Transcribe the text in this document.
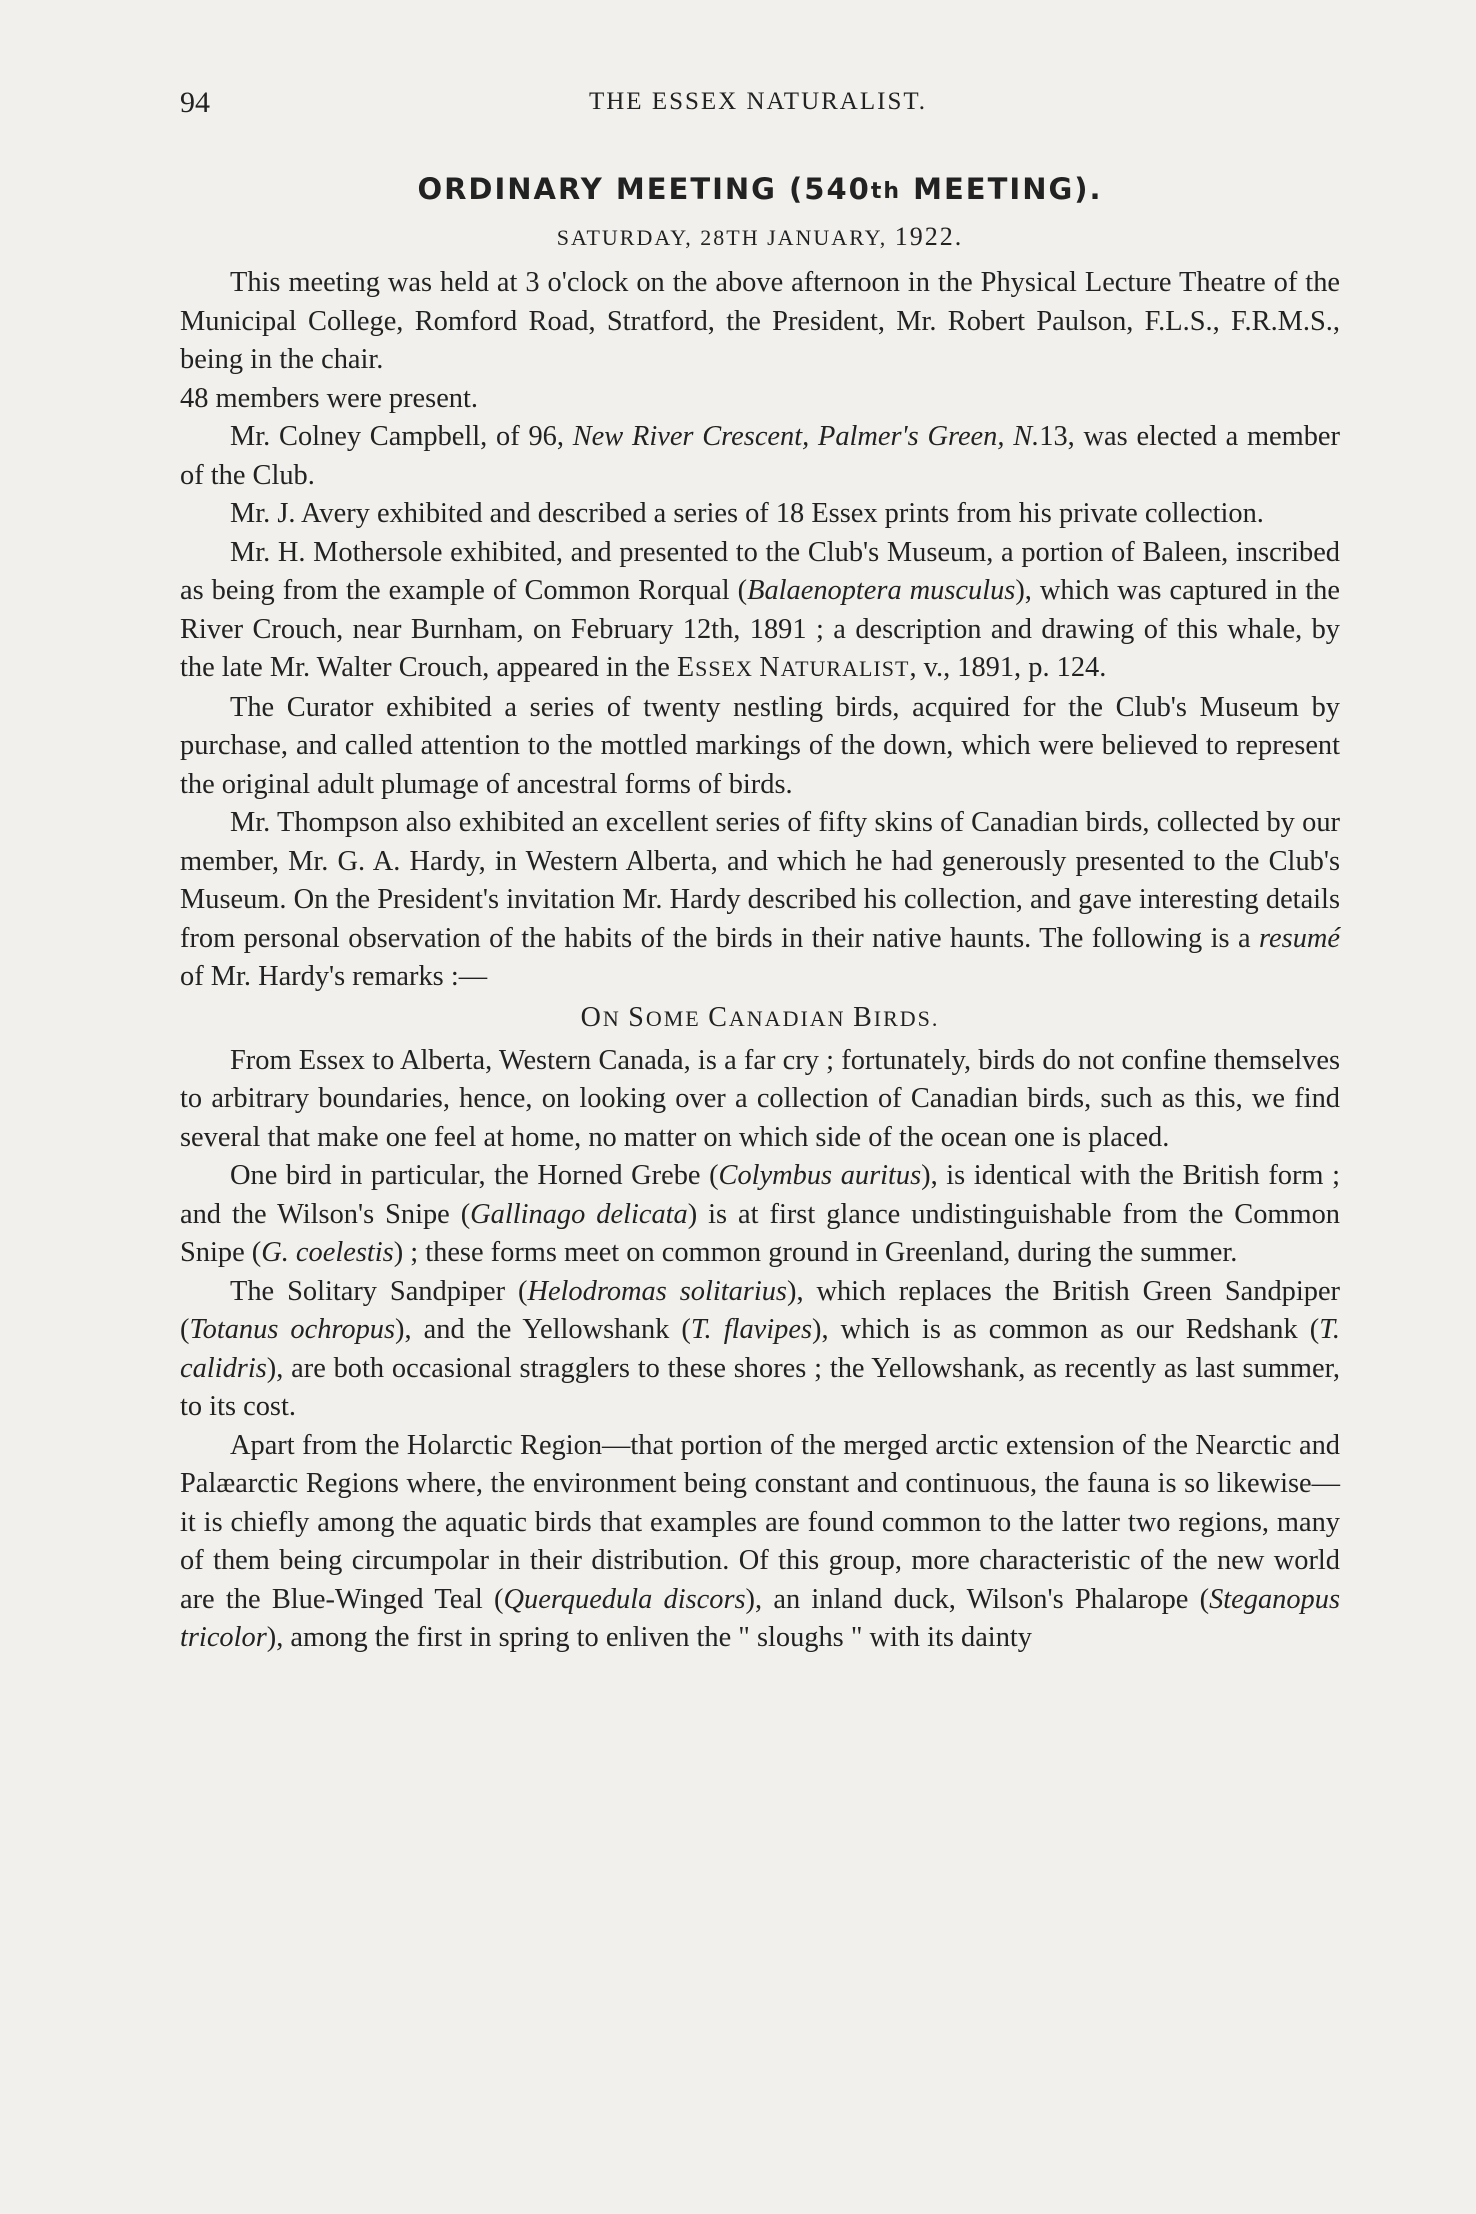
94	THE ESSEX NATURALIST.
ORDINARY MEETING (540th MEETING).
SATURDAY, 28TH JANUARY, 1922.

This meeting was held at 3 o'clock on the above afternoon in the Physical Lecture Theatre of the Municipal College, Romford Road, Stratford, the President, Mr. Robert Paulson, F.L.S., F.R.M.S., being in the chair.

48 members were present.

Mr. Colney Campbell, of 96, New River Crescent, Palmer's Green, N.13, was elected a member of the Club.

Mr. J. Avery exhibited and described a series of 18 Essex prints from his private collection.

Mr. H. Mothersole exhibited, and presented to the Club's Museum, a portion of Baleen, inscribed as being from the example of Common Rorqual (Balaenoptera musculus), which was captured in the River Crouch, near Burnham, on February 12th, 1891 ; a description and drawing of this whale, by the late Mr. Walter Crouch, appeared in the ESSEX NATURALIST, v., 1891, p. 124.

The Curator exhibited a series of twenty nestling birds, acquired for the Club's Museum by purchase, and called attention to the mottled markings of the down, which were believed to represent the original adult plumage of ancestral forms of birds.

Mr. Thompson also exhibited an excellent series of fifty skins of Canadian birds, collected by our member, Mr. G. A. Hardy, in Western Alberta, and which he had generously presented to the Club's Museum. On the President's invitation Mr. Hardy described his collection, and gave interesting details from personal observation of the habits of the birds in their native haunts. The following is a resumé of Mr. Hardy's remarks :—

ON SOME CANADIAN BIRDS.

From Essex to Alberta, Western Canada, is a far cry ; fortunately, birds do not confine themselves to arbitrary boundaries, hence, on looking over a collection of Canadian birds, such as this, we find several that make one feel at home, no matter on which side of the ocean one is placed.

One bird in particular, the Horned Grebe (Colymbus auritus), is identical with the British form ; and the Wilson's Snipe (Gallinago delicata) is at first glance undistinguishable from the Common Snipe (G. coelestis) ; these forms meet on common ground in Greenland, during the summer.

The Solitary Sandpiper (Helodromas solitarius), which replaces the British Green Sandpiper (Totanus ochropus), and the Yellowshank (T. flavipes), which is as common as our Redshank (T. calidris), are both occasional stragglers to these shores ; the Yellowshank, as recently as last summer, to its cost.

Apart from the Holarctic Region—that portion of the merged arctic extension of the Nearctic and Palæarctic Regions where, the environment being constant and continuous, the fauna is so likewise—it is chiefly among the aquatic birds that examples are found common to the latter two regions, many of them being circumpolar in their distribution. Of this group, more characteristic of the new world are the Blue-Winged Teal (Querquedula discors), an inland duck, Wilson's Phalarope (Steganopus tricolor), among the first in spring to enliven the " sloughs " with its dainty
